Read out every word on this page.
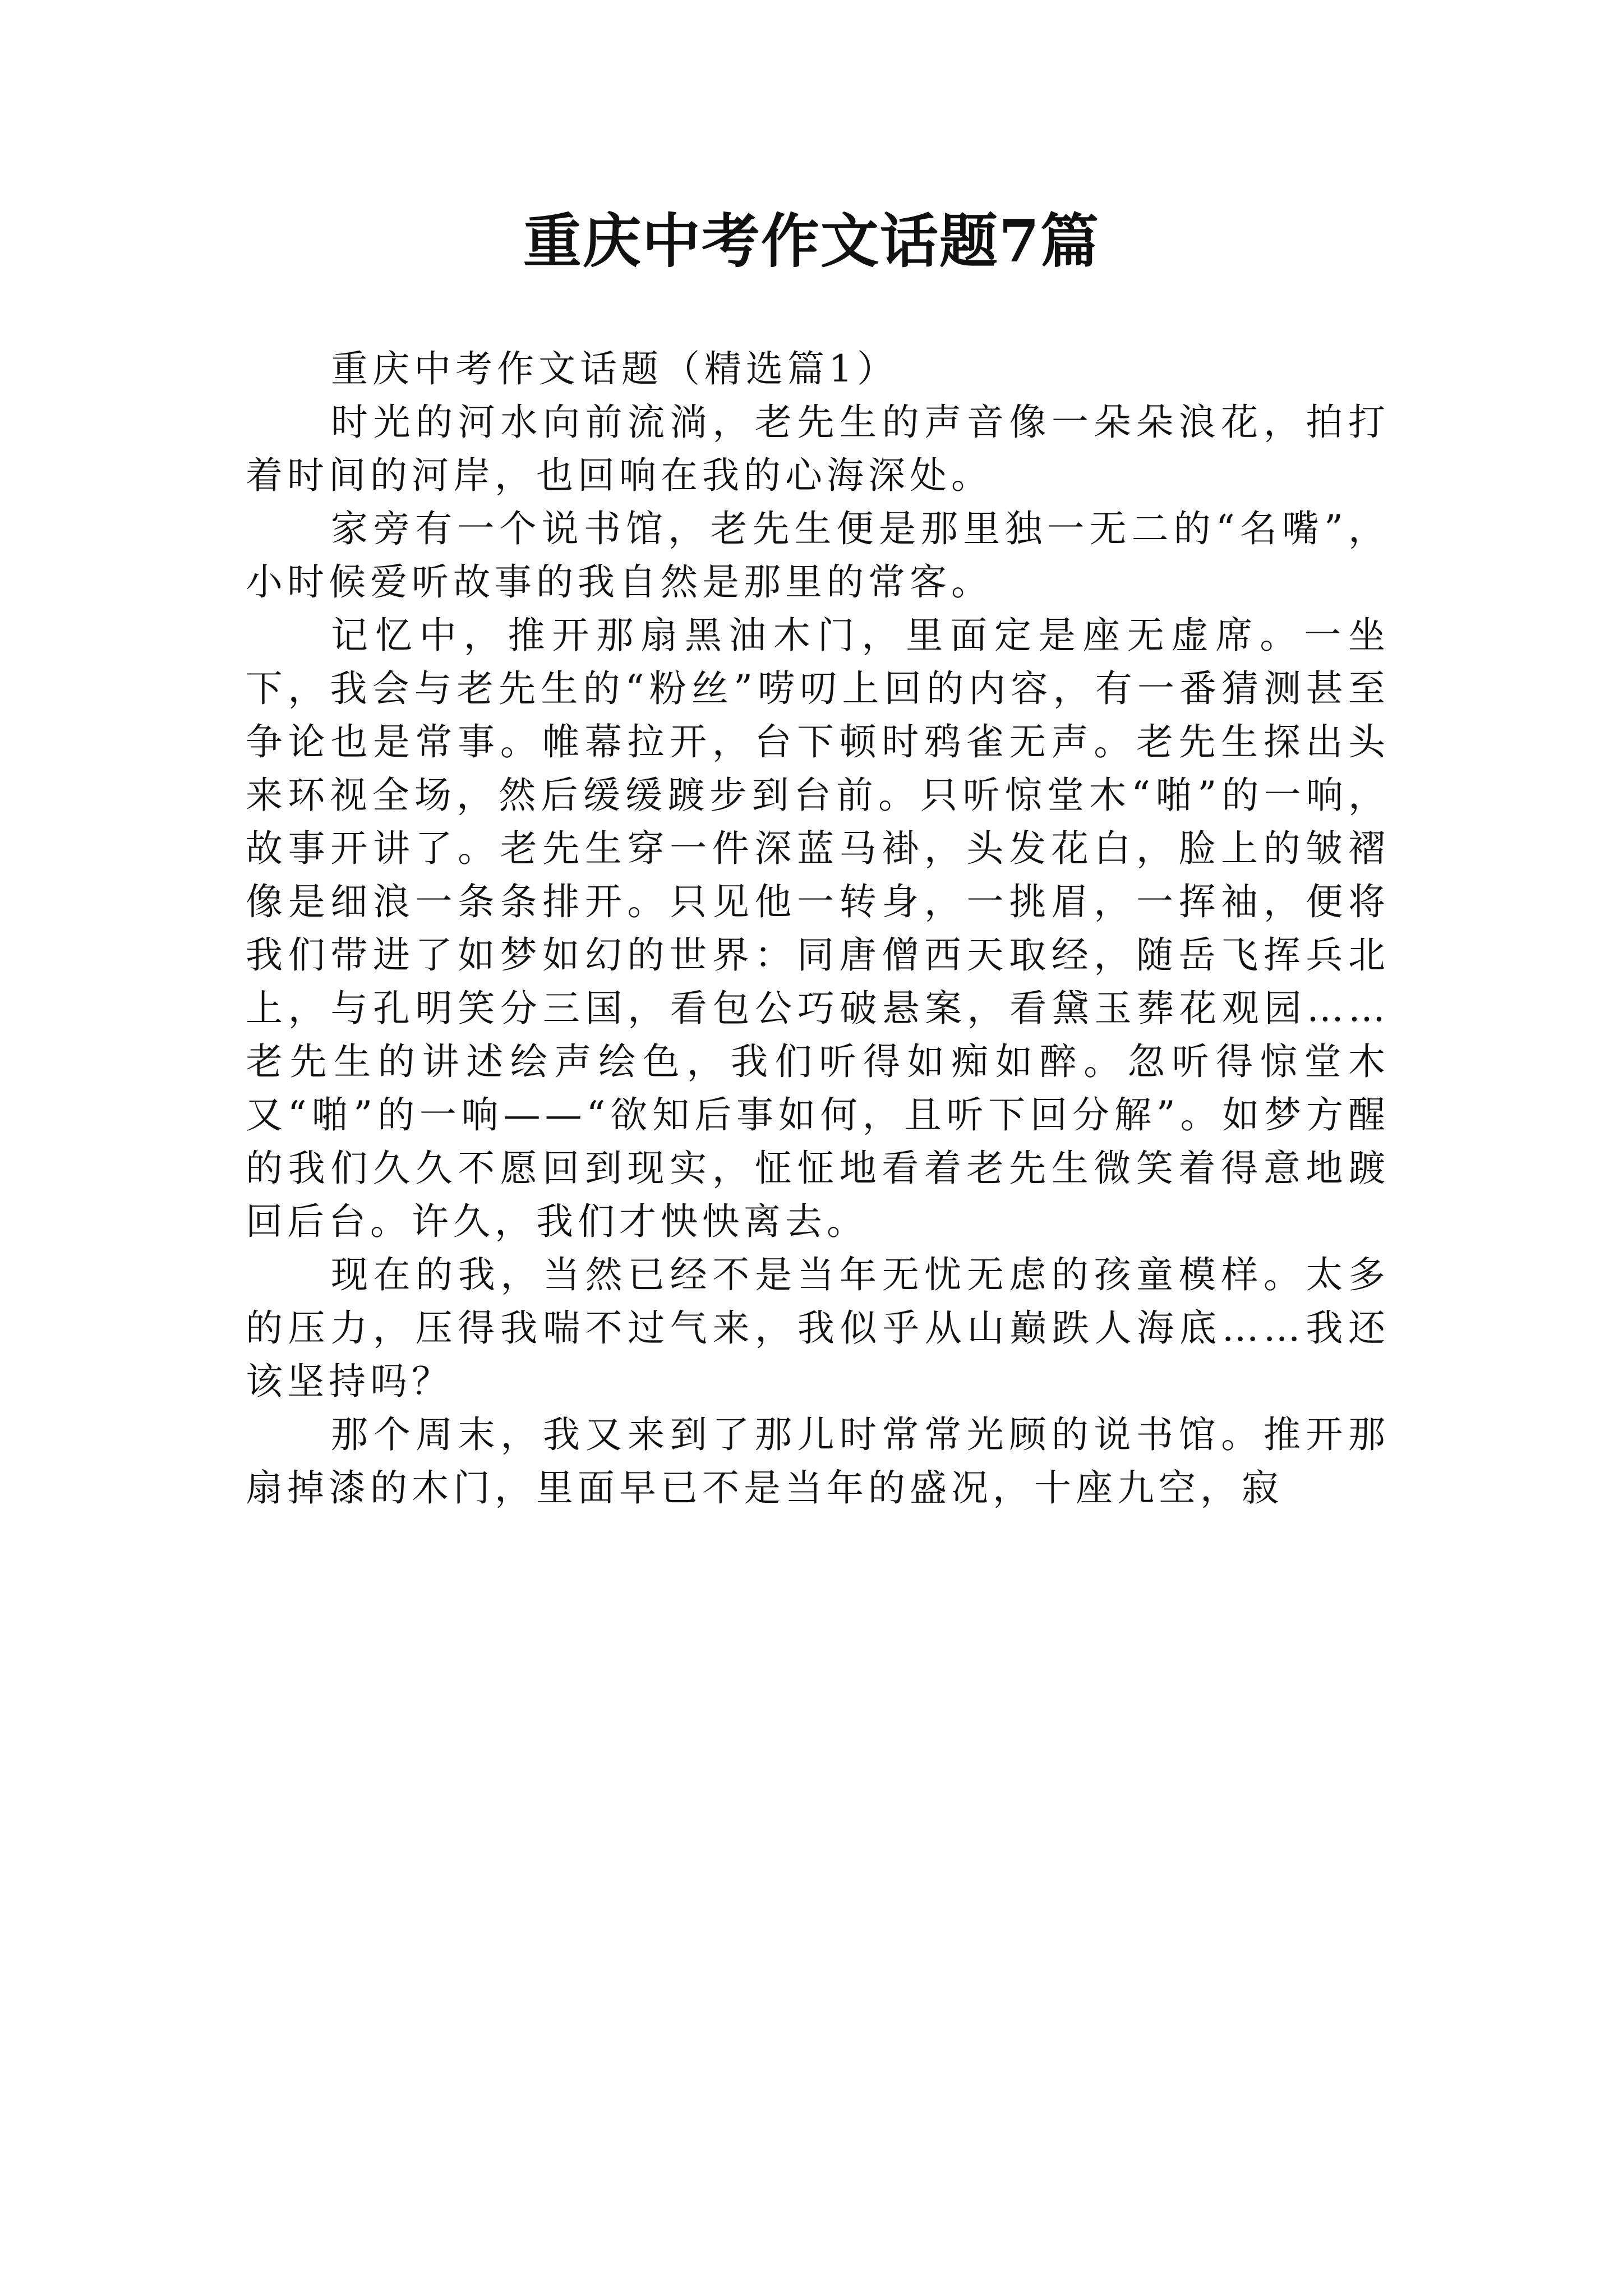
重庆中考作文话题7篇

重庆中考作文话题（精选篇1）

时光的河水向前流淌，老先生的声音像一朵朵浪花，拍打着时间的河岸，也回响在我的心海深处。

家旁有一个说书馆，老先生便是那里独一无二的“名嘴”，小时候爱听故事的我自然是那里的常客。

记忆中，推开那扇黑油木门，里面定是座无虚席。一坐下，我会与老先生的“粉丝”唠叨上回的内容，有一番猜测甚至争论也是常事。帷幕拉开，台下顿时鸦雀无声。老先生探出头来环视全场，然后缓缓踱步到台前。只听惊堂木“啪”的一响，故事开讲了。老先生穿一件深蓝马褂，头发花白，脸上的皱褶像是细浪一条条排开。只见他一转身，一挑眉，一挥袖，便将我们带进了如梦如幻的世界：同唐僧西天取经，随岳飞挥兵北上，与孔明笑分三国，看包公巧破悬案，看黛玉葬花观园……老先生的讲述绘声绘色，我们听得如痴如醉。忽听得惊堂木又“啪”的一响——“欲知后事如何，且听下回分解”。如梦方醒的我们久久不愿回到现实，怔怔地看着老先生微笑着得意地踱回后台。许久，我们才怏怏离去。

现在的我，当然已经不是当年无忧无虑的孩童模样。太多的压力，压得我喘不过气来，我似乎从山巅跌人海底……我还该坚持吗？

那个周末，我又来到了那儿时常常光顾的说书馆。推开那扇掉漆的木门，里面早已不是当年的盛况，十座九空，寂
